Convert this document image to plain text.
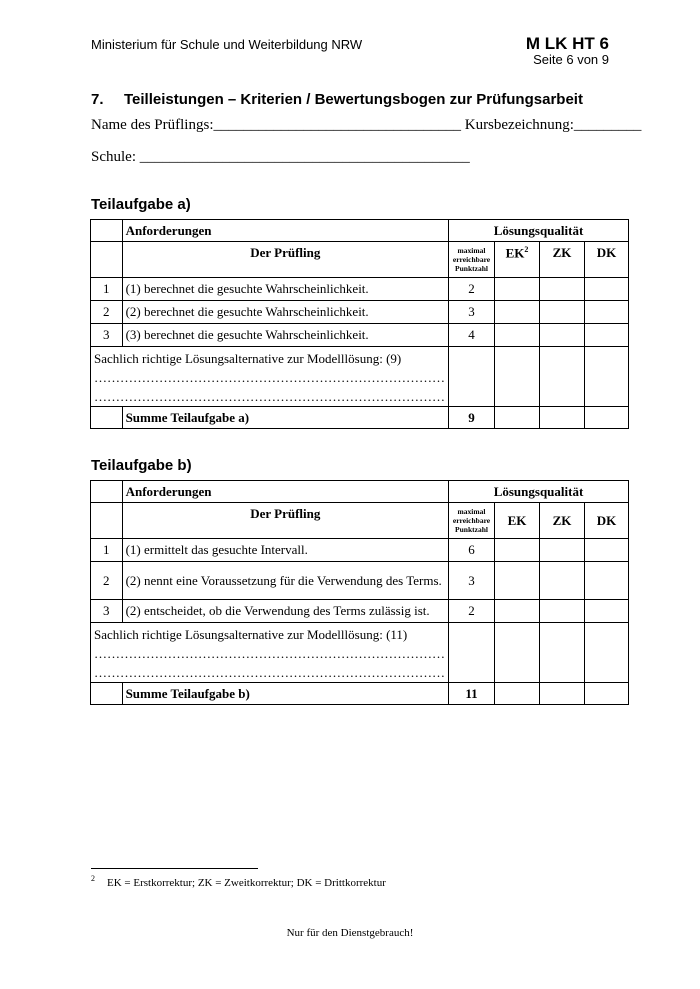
Ministerium für Schule und Weiterbildung NRW	M LK HT 6
Seite 6 von 9
7. Teilleistungen – Kriterien / Bewertungsbogen zur Prüfungsarbeit
Name des Prüflings:_________________________________ Kursbezeichnung:_________
Schule: ____________________________________________
Teilaufgabe a)
	Anforderungen	Lösungsqualität			
	Der Prüfling	maximal erreichbare Punktzahl	$EK^2$	ZK	DK
1	(1) berechnet die gesuchte Wahrscheinlichkeit.	2			
2	(2) berechnet die gesuchte Wahrscheinlichkeit.	3			
3	(3) berechnet die gesuchte Wahrscheinlichkeit.	4			

Sachlich richtige Lösungsalternative zur Modelllösung: (9)
………………………………………………………………………
………………………………………………………………………					

	Summe Teilaufgabe a)	9			
Teilaufgabe b)
	Anforderungen	Lösungsqualität			
	Der Prüfling	maximal erreichbare Punktzahl	EK	ZK	DK
1	(1) ermittelt das gesuchte Intervall.	6			
2	(2) nennt eine Voraussetzung für die Verwendung des Terms.	3			
3	(2) entscheidet, ob die Verwendung des Terms zulässig ist.	2			

Sachlich richtige Lösungsalternative zur Modelllösung: (11)
………………………………………………………………………
………………………………………………………………………					

	Summe Teilaufgabe b)	11			
2 EK = Erstkorrektur; ZK = Zweitkorrektur; DK = Drittkorrektur
Nur für den Dienstgebrauch!
